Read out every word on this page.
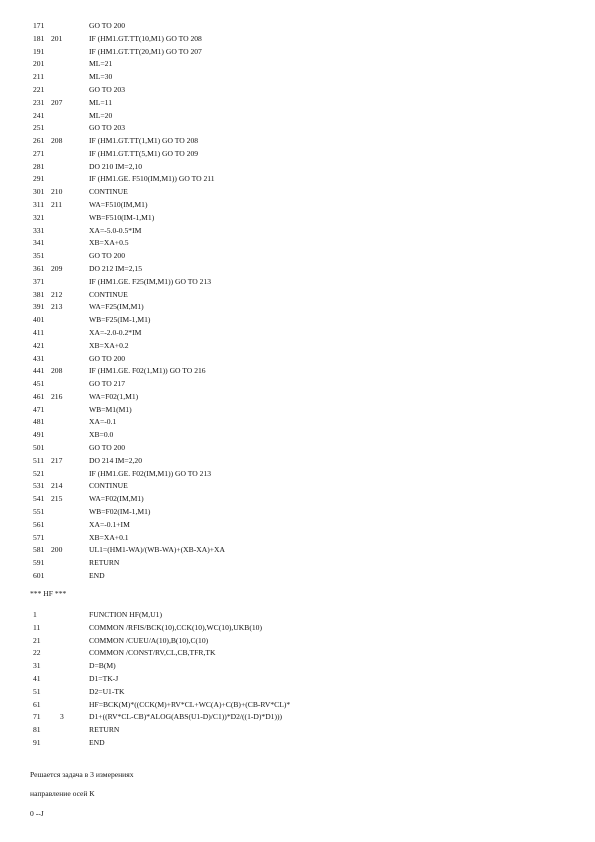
171	GO TO 200
181 201	IF (HM1.GT.TT(10,M1) GO TO 208
191	IF (HM1.GT.TT(20,M1) GO TO 207
201	ML=21
211	ML=30
221	GO TO 203
231 207	ML=11
241	ML=20
251	GO TO 203
261 208	IF (HM1.GT.TT(1,M1) GO TO 208
271	IF (HM1.GT.TT(5,M1) GO TO 209
281	DO 210 IM=2,10
291	IF (HM1.GE. F510(IM,M1)) GO TO 211
301 210	CONTINUE
311 211	WA=F510(IM,M1)
321	WB=F510(IM-1,M1)
331	XA=-5.0-0.5*IM
341	XB=XA+0.5
351	GO TO 200
361 209	DO 212 IM=2,15
371	IF (HM1.GE. F25(IM,M1)) GO TO 213
381 212	CONTINUE
391 213	WA=F25(IM,M1)
401	WB=F25(IM-1,M1)
411	XA=-2.0-0.2*IM
421	XB=XA+0.2
431	GO TO 200
441 208	IF (HM1.GE. F02(1,M1)) GO TO 216
451	GO TO 217
461 216	WA=F02(1,M1)
471	WB=M1(M1)
481	XA=-0.1
491	XB=0.0
501	GO TO 200
511 217	DO 214 IM=2,20
521	IF (HM1.GE. F02(IM,M1)) GO TO 213
531 214	CONTINUE
541 215	WA=F02(IM,M1)
551	WB=F02(IM-1,M1)
561	XA=-0.1+IM
571	XB=XA+0.1
581 200	UL1=(HM1-WA)/(WB-WA)+(XB-XA)+XA
591	RETURN
601	END
*** HF ***
1	FUNCTION HF(M,U1)
11	COMMON /RFIS/BCK(10),CCK(10),WC(10),UKB(10)
21	COMMON /CUEU/A(10),B(10),C(10)
22	COMMON /CONST/RV,CL,CB,TFR,TK
31	D=B(M)
41	D1=TK-J
51	D2=U1-TK
61	HF=BCK(M)*((CCK(M)+RV*CL+WC(A)+C(B)+(CB-RV*CL)*
71	3	D1+((RV*CL-CB)*ALOG(ABS(U1-D)/C1))*D2/((1-D)*D1)))
81	RETURN
91	END
Решается задача в 3 измерениях
направление осей К
0 --J
